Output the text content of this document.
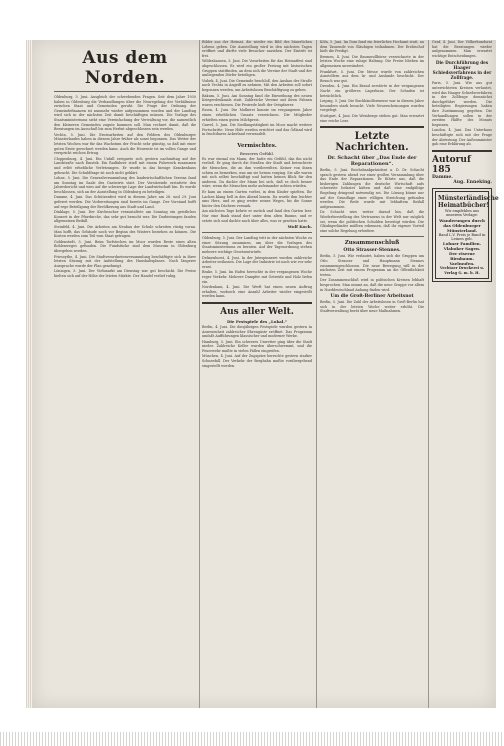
Aus dem Norden.

Oldenburg, 5. Juni. Ausgleich der schwebenden Fragen. Seit dem Jahre 1930 haben in Oldenburg die Verhandlungen über die Neuregelung der Verhältnisse zwischen Staat und Gemeinden geruht. Die Frage der Ordnung der Gemeindefinanzen ist nunmehr wieder aufgenommen worden und der Landtag wird sich in der nächsten Zeit damit beschäftigen müssen. Die Vorlage des Staatsministeriums sieht eine Vereinfachung der Verwaltung vor, die namentlich den kleineren Gemeinden zugute kommen soll. Man rechnet damit, daß die Beratungen im Ausschuß bis zum Herbst abgeschlossen sein werden.

Vechta, 5. Juni. Die Erntearbeiten auf den Feldern des Oldenburger Münsterlandes haben in diesem Jahre früher als sonst begonnen. Das Wetter der letzten Wochen war für das Wachstum der Frucht sehr günstig, so daß mit einer guten Ernte gerechnet werden kann. Auch die Heuernte ist im vollen Gange und verspricht reichen Ertrag.

Cloppenburg, 4. Juni. Ein Unfall ereignete sich gestern nachmittag auf der Landstraße nach Emstek. Ein Radfahrer stieß mit einem Fuhrwerk zusammen und erlitt erhebliche Verletzungen. Er wurde in das hiesige Krankenhaus gebracht. Die Schuldfrage ist noch nicht geklärt.

Lohne, 5. Juni. Die Generalversammlung des landwirtschaftlichen Vereins fand am Sonntag im Saale des Gastwirts statt. Der Vorsitzende erstattete den Jahresbericht und wies auf die schwierige Lage der Landwirtschaft hin. Es wurde beschlossen, sich an der Ausstellung in Oldenburg zu beteiligen.

Damme, 4. Juni. Das Schützenfest wird in diesem Jahre am 28. und 29. Juni gefeiert werden. Die Vorbereitungen sind bereits im Gange. Der Vorstand hofft auf rege Beteiligung der Bevölkerung aus Stadt und Land.

Dinklage, 5. Juni. Der Kirchenchor veranstaltete am Sonntag ein geistliches Konzert in der Pfarrkirche, das sehr gut besucht war. Die Darbietungen fanden allgemeinen Beifall.

Steinfeld, 4. Juni. Die Arbeiten am Neubau der Schule schreiten rüstig voran. Man hofft, das Gebäude noch vor Beginn des Winters beziehen zu können. Die Kosten werden zum Teil vom Staat getragen.

Goldenstedt, 5. Juni. Beim Torfstechen im Moor wurden Reste eines alten Bohlenweges gefunden. Die Fundstücke sind dem Museum in Oldenburg übergeben worden.

Friesoythe, 4. Juni. Die Stadtverordnetenversammlung beschäftigte sich in ihrer letzten Sitzung mit der Aufstellung des Haushaltsplanes. Nach längerer Aussprache wurde der Plan genehmigt.

Löningen, 5. Juni. Der Viehmarkt am Dienstag war gut beschickt. Die Preise hielten sich auf der Höhe der letzten Märkte. Der Handel verlief ruhig.

Bilder aus der Heimat, die wieder ein Bild des bäuerlichen Lebens geben. Die Ausstellung wird in den nächsten Tagen eröffnet und dürfte viele Besucher anziehen. Der Eintritt ist frei.

Wildeshausen, 5. Juni. Die Vorarbeiten für das Heimatfest sind abgeschlossen. Es wird ein großer Festzug mit historischen Gruppen stattfinden, an dem sich die Vereine der Stadt und der umliegenden Dörfer beteiligen.

Visbek, 4. Juni. Die Gemeinde beschloß, den Ausbau der Straße nach Vechta in Angriff zu nehmen. Mit den Arbeiten soll sofort begonnen werden, um Arbeitslosen Beschäftigung zu geben.

Bakum, 5. Juni. Am Sonntag fand die Einweihung des neuen Kriegerdenkmals statt. Zahlreiche Vereine mit ihren Fahnen waren erschienen. Die Festrede hielt der Ortspfarrer.

Essen, 4. Juni. Die Molkerei konnte im vergangenen Jahre einen erheblichen Umsatz verzeichnen. Die Mitglieder erhielten einen guten Milchpreis.

Garrel, 5. Juni. Die Siedlungstätigkeit im Moor macht weitere Fortschritte. Neue Höfe werden errichtet und das Ödland wird in fruchtbares Ackerland verwandelt.

Vermischtes.
Besseres Gefühl.

Es war einmal ein Mann, der hatte ein Gefühl, das ihn nicht verließ. Er ging durch die Straßen der Stadt und betrachtete die Menschen, die an ihm vorübereilten. Keiner von ihnen schien zu bemerken, was um sie herum vorging. Sie alle waren mit sich selbst beschäftigt und hatten keinen Blick für den anderen. Da dachte der Mann bei sich, daß es doch besser wäre, wenn die Menschen mehr aufeinander achten würden.

Er kam an einem Garten vorbei, in dem Kinder spielten. Ihr Lachen klang hell in den Abend hinein. Da wurde ihm leichter ums Herz, und er ging weiter seines Weges, bis die Sonne hinter den Dächern versank.

Am nächsten Tage kehrte er zurück und fand den Garten leer. Nur eine Bank stand dort unter dem alten Baume, und er setzte sich und dachte nach über alles, was er gesehen hatte.

Wolf Koch.

Oldenburg, 5. Juni. Der Landtag tritt in der nächsten Woche zu einer Sitzung zusammen, um über die Vorlagen des Staatsministeriums zu beraten. Auf der Tagesordnung stehen mehrere wichtige Gesetzentwürfe.

Delmenhorst, 4. Juni. In der Jutespinnerei wurden zahlreiche Arbeiter entlassen. Die Lage der Industrie ist nach wie vor sehr ernst.

Brake, 5. Juni. Im Hafen herrschte in der vergangenen Woche reger Verkehr. Mehrere Dampfer mit Getreide und Holz liefen ein.

Nordenham, 4. Juni. Die Werft hat einen neuen Auftrag erhalten, wodurch eine Anzahl Arbeiter wieder eingestellt werden kann.

Aus aller Welt.
Die Festspiele des „Lokal.“

Berlin, 4. Juni. Die diesjährigen Festspiele wurden gestern in Anwesenheit zahlreicher Ehrengäste eröffnet. Das Programm umfaßt Aufführungen klassischer und moderner Werke.

Hamburg, 5. Juni. Ein schweres Unwetter ging über die Stadt nieder. Zahlreiche Keller wurden überschwemmt, und die Feuerwehr mußte in vielen Fällen eingreifen.

München, 4. Juni. Auf der Zugspitze herrschte gestern starker Schneefall. Der Verkehr der Bergbahn mußte vorübergehend eingestellt werden.

Köln, 5. Juni. Im Dom fand ein feierliches Hochamt statt, an dem Tausende von Gläubigen teilnahmen. Der Erzbischof hielt die Predigt.

Bremen, 4. Juni. Die Baumwollbörse verzeichnete in der letzten Woche eine ruhige Haltung. Die Preise blieben im allgemeinen unverändert.

Frankfurt, 5. Juni. Die Messe wurde von zahlreichen Ausstellern aus dem In- und Auslande beschickt. Der Besuch war gut.

Dresden, 4. Juni. Ein Brand zerstörte in der vergangenen Nacht ein größeres Lagerhaus. Der Schaden ist beträchtlich.

Leipzig, 5. Juni. Die Buchhändlermesse war in diesem Jahre besonders stark besucht. Viele Neuerscheinungen wurden vorgelegt.

Stuttgart, 4. Juni. Die Weinberge stehen gut. Man erwartet eine reiche Lese.

Letzte Nachrichten.
Dr. Schacht über „Das Ende der Reparationen“.

Berlin, 5. Juni. Reichsbankpräsident a. D. Dr. Schacht sprach gestern abend vor einer großen Versammlung über das Ende der Reparationen. Er führte aus, daß die bisherigen Zahlungen die deutsche Wirtschaft aufs schwerste belastet hätten und daß eine endgültige Regelung dringend notwendig sei. Die Lösung könne nur auf der Grundlage einer völligen Streichung gefunden werden. Die Rede wurde mit lebhaftem Beifall aufgenommen.

Dr. Schacht wies weiter darauf hin, daß die Wiederherstellung des Vertrauens in der Welt nur möglich sei, wenn die politischen Schulden beseitigt würden. Die Gläubigerländer müßten erkennen, daß ihr eigener Vorteil eine solche Regelung erfordere.

Zusammenschluß
Otto Strasser-Stennes.

Berlin, 5. Juni. Wie verlautet, haben sich die Gruppen um Otto Strasser und Hauptmann Stennes zusammengeschlossen. Die neue Bewegung will in der nächsten Zeit mit einem Programm an die Öffentlichkeit treten.

Der Zusammenschluß wird in politischen Kreisen lebhaft besprochen. Man nimmt an, daß die neue Gruppe vor allem in Norddeutschland Anhang finden wird.

Um die Groß-Berliner Arbeitsnot

Berlin, 5. Juni. Die Zahl der Arbeitslosen in Groß-Berlin hat sich in der letzten Woche weiter erhöht. Die Stadtverwaltung berät über neue Maßnahmen.

Genf, 4. Juni. Der Völkerbundsrat hat die Beratungen wieder aufgenommen. Man erwartet wichtige Entscheidungen.

Die Durchführung des Haager Schiedsverfahrens in der Zollfrage.

Paris, 5. Juni. Wie aus gut unterrichteten Kreisen verlautet, wird das Haager Schiedsverfahren in der Zollfrage demnächst durchgeführt werden. Die beteiligten Regierungen haben ihre Zustimmung gegeben. Die Verhandlungen sollen in der zweiten Hälfte des Monats beginnen.

London, 4. Juni. Das Unterhaus beschäftigte sich mit der Frage der Abrüstung. Der Außenminister gab eine Erklärung ab.

Autoruf 185
Damme.
Aug. Enneking.
Münsterländische Heimatbücher!
Wir empfehlen aus unserem Verlage:
Wanderungen durch das Oldenburger Münsterland.
Band I–V. Preis je Band in Leinen geb.
Lohner Familien.
Vlaboker Sagen.
Der eiserne Birnbaum.
Vaelmufen.
Vechtaer Druckerei u. Verlag G. m. b. H.
